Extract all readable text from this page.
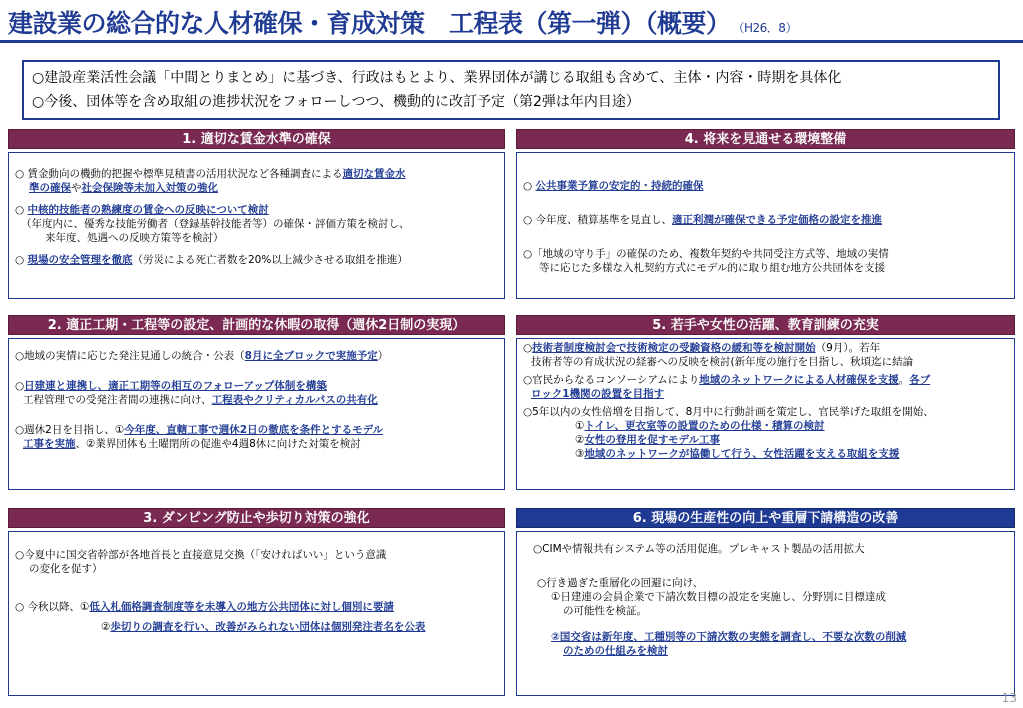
建設業の総合的な人材確保・育成対策　工程表（第一弾）（概要） （H26．8）
○建設産業活性会議「中間とりまとめ」に基づき、行政はもとより、業界団体が講じる取組も含めて、主体・内容・時期を具体化
○今後、団体等を含め取組の進捗状況をフォローしつつ、機動的に改訂予定（第2弾は年内目途）
1. 適切な賃金水準の確保
○ 賃金動向の機動的把握や標準見積書の活用状況など各種調査による適切な賃金水
準の確保や社会保険等未加入対策の強化
○ 中核的技能者の熟練度の賃金への反映について検討
（年度内に、優秀な技能労働者（登録基幹技能者等）の確保・評価方策を検討し、
来年度、処遇への反映方策等を検討）
○ 現場の安全管理を徹底（労災による死亡者数を20%以上減少させる取組を推進）
4. 将来を見通せる環境整備
○ 公共事業予算の安定的・持続的確保
○ 今年度、積算基準を見直し、適正利潤が確保できる予定価格の設定を推進
○「地域の守り手」の確保のため、複数年契約や共同受注方式等、地域の実情
等に応じた多様な入札契約方式にモデル的に取り組む地方公共団体を支援
2. 適正工期・工程等の設定、計画的な休暇の取得（週休2日制の実現）
○地域の実情に応じた発注見通しの統合・公表（8月に全ブロックで実施予定）
○日建連と連携し、適正工期等の相互のフォローアップ体制を構築
工程管理での受発注者間の連携に向け、工程表やクリティカルパスの共有化
○週休2日を目指し、①今年度、直轄工事で週休2日の徹底を条件とするモデル
工事を実施、②業界団体も土曜閉所の促進や4週8休に向けた対策を検討
5. 若手や女性の活躍、教育訓練の充実
○技術者制度検討会で技術検定の受験資格の緩和等を検討開始（9月）。若年
技術者等の育成状況の経審への反映を検討(新年度の施行を目指し、秋頃迄に結論
○官民からなるコンソーシアムにより地域のネットワークによる人材確保を支援。各ブ
ロック1機関の設置を目指す
○5年以内の女性倍増を目指して、8月中に行動計画を策定し、官民挙げた取組を開始、
①トイレ、更衣室等の設置のための仕様・積算の検討
②女性の登用を促すモデル工事
③地域のネットワークが協働して行う、女性活躍を支える取組を支援
3. ダンピング防止や歩切り対策の強化
○今夏中に国交省幹部が各地首長と直接意見交換（「安ければいい」という意識
の変化を促す）
○ 今秋以降、①低入札価格調査制度等を未導入の地方公共団体に対し個別に要請
②歩切りの調査を行い、改善がみられない団体は個別発注者名を公表
6. 現場の生産性の向上や重層下請構造の改善
○CIMや情報共有システム等の活用促進。プレキャスト製品の活用拡大
○行き過ぎた重層化の回避に向け、
①日建連の会員企業で下請次数目標の設定を実施し、分野別に目標達成
の可能性を検証。
②国交省は新年度、工種別等の下請次数の実態を調査し、不要な次数の削減
のための仕組みを検討
13
